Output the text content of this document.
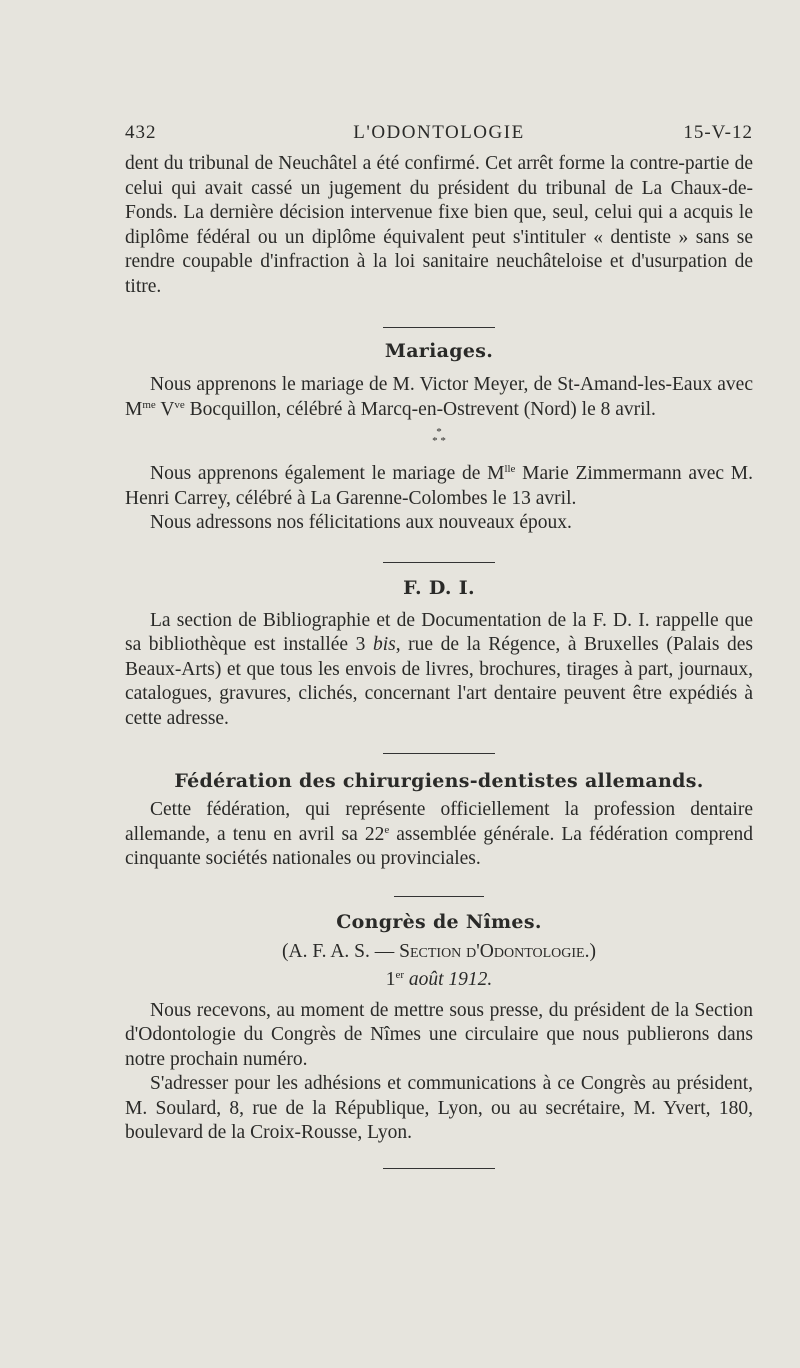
432	L'ODONTOLOGIE	15-V-12

dent du tribunal de Neuchâtel a été confirmé. Cet arrêt forme la contre-partie de celui qui avait cassé un jugement du président du tribunal de La Chaux-de-Fonds. La dernière décision intervenue fixe bien que, seul, celui qui a acquis le diplôme fédéral ou un diplôme équivalent peut s'intituler « dentiste » sans se rendre coupable d'infraction à la loi sanitaire neuchâteloise et d'usurpation de titre.

Mariages.

Nous apprenons le mariage de M. Victor Meyer, de St-Amand-les-Eaux avec $M^{me}$ $V^{ve}$ Bocquillon, célébré à Marcq-en-Ostrevent (Nord) le 8 avril.

*
* *

Nous apprenons également le mariage de $M^{lle}$ Marie Zimmermann avec M. Henri Carrey, célébré à La Garenne-Colombes le 13 avril.

Nous adressons nos félicitations aux nouveaux époux.

F. D. I.

La section de Bibliographie et de Documentation de la F. D. I. rappelle que sa bibliothèque est installée 3 bis, rue de la Régence, à Bruxelles (Palais des Beaux-Arts) et que tous les envois de livres, brochures, tirages à part, journaux, catalogues, gravures, clichés, concernant l'art dentaire peuvent être expédiés à cette adresse.

Fédération des chirurgiens-dentistes allemands.

Cette fédération, qui représente officiellement la profession dentaire allemande, a tenu en avril sa 22e assemblée générale. La fédération comprend cinquante sociétés nationales ou provinciales.

Congrès de Nîmes.
(A. F. A. S. — Section d'Odontologie.)
1er août 1912.

Nous recevons, au moment de mettre sous presse, du président de la Section d'Odontologie du Congrès de Nîmes une circulaire que nous publierons dans notre prochain numéro.

S'adresser pour les adhésions et communications à ce Congrès au président, M. Soulard, 8, rue de la République, Lyon, ou au secrétaire, M. Yvert, 180, boulevard de la Croix-Rousse, Lyon.
